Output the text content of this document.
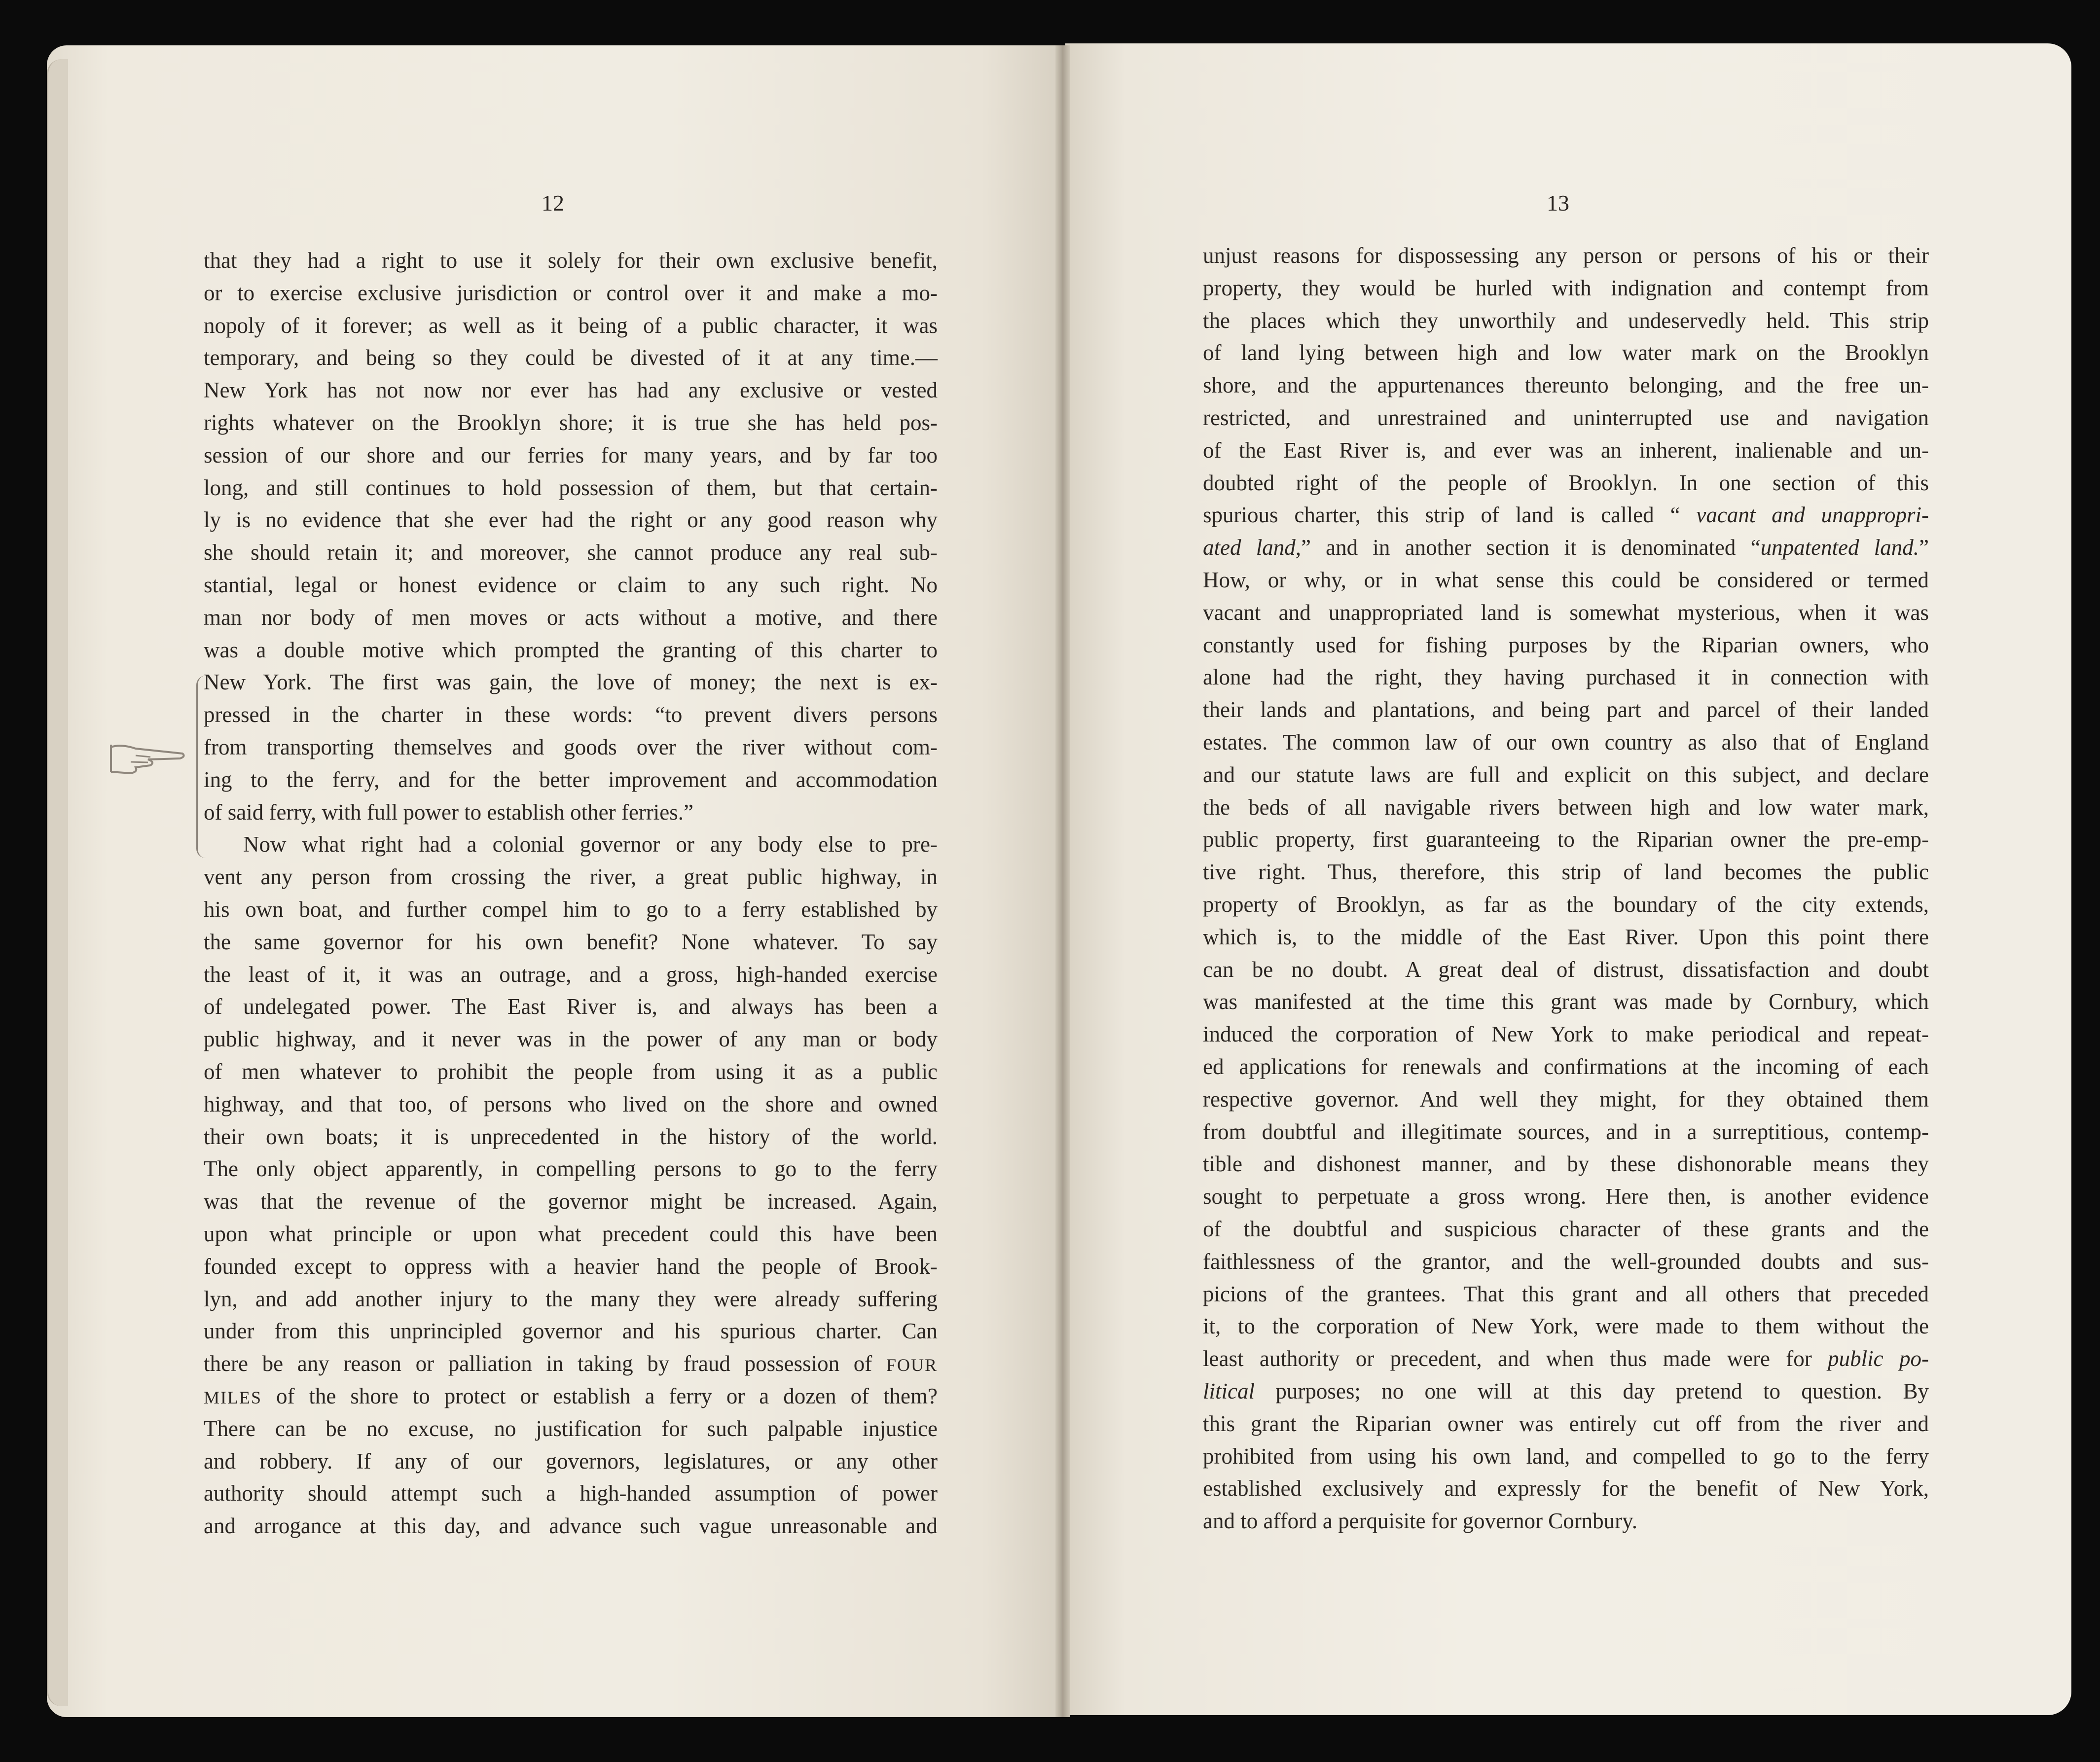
12	13
that they had a right to use it solely for their own exclusive benefit,
or to exercise exclusive jurisdiction or control over it and make a mo-
nopoly of it forever; as well as it being of a public character, it was
temporary, and being so they could be divested of it at any time.—
New York has not now nor ever has had any exclusive or vested
rights whatever on the Brooklyn shore; it is true she has held pos-
session of our shore and our ferries for many years, and by far too
long, and still continues to hold possession of them, but that certain-
ly is no evidence that she ever had the right or any good reason why
she should retain it; and moreover, she cannot produce any real sub-
stantial, legal or honest evidence or claim to any such right. No
man nor body of men moves or acts without a motive, and there
was a double motive which prompted the granting of this charter to
New York. The first was gain, the love of money; the next is ex-
pressed in the charter in these words: “to prevent divers persons
from transporting themselves and goods over the river without com-
ing to the ferry, and for the better improvement and accommodation
of said ferry, with full power to establish other ferries.”
Now what right had a colonial governor or any body else to pre-
vent any person from crossing the river, a great public highway, in
his own boat, and further compel him to go to a ferry established by
the same governor for his own benefit? None whatever. To say
the least of it, it was an outrage, and a gross, high-handed exercise
of undelegated power. The East River is, and always has been a
public highway, and it never was in the power of any man or body
of men whatever to prohibit the people from using it as a public
highway, and that too, of persons who lived on the shore and owned
their own boats; it is unprecedented in the history of the world.
The only object apparently, in compelling persons to go to the ferry
was that the revenue of the governor might be increased. Again,
upon what principle or upon what precedent could this have been
founded except to oppress with a heavier hand the people of Brook-
lyn, and add another injury to the many they were already suffering
under from this unprincipled governor and his spurious charter. Can
there be any reason or palliation in taking by fraud possession of FOUR
MILES of the shore to protect or establish a ferry or a dozen of them?
There can be no excuse, no justification for such palpable injustice
and robbery. If any of our governors, legislatures, or any other
authority should attempt such a high-handed assumption of power
and arrogance at this day, and advance such vague unreasonable and
unjust reasons for dispossessing any person or persons of his or their
property, they would be hurled with indignation and contempt from
the places which they unworthily and undeservedly held. This strip
of land lying between high and low water mark on the Brooklyn
shore, and the appurtenances thereunto belonging, and the free un-
restricted, and unrestrained and uninterrupted use and navigation
of the East River is, and ever was an inherent, inalienable and un-
doubted right of the people of Brooklyn. In one section of this
spurious charter, this strip of land is called “ vacant and unappropri-
ated land,” and in another section it is denominated “unpatented land.”
How, or why, or in what sense this could be considered or termed
vacant and unappropriated land is somewhat mysterious, when it was
constantly used for fishing purposes by the Riparian owners, who
alone had the right, they having purchased it in connection with
their lands and plantations, and being part and parcel of their landed
estates. The common law of our own country as also that of England
and our statute laws are full and explicit on this subject, and declare
the beds of all navigable rivers between high and low water mark,
public property, first guaranteeing to the Riparian owner the pre-emp-
tive right. Thus, therefore, this strip of land becomes the public
property of Brooklyn, as far as the boundary of the city extends,
which is, to the middle of the East River. Upon this point there
can be no doubt. A great deal of distrust, dissatisfaction and doubt
was manifested at the time this grant was made by Cornbury, which
induced the corporation of New York to make periodical and repeat-
ed applications for renewals and confirmations at the incoming of each
respective governor. And well they might, for they obtained them
from doubtful and illegitimate sources, and in a surreptitious, contemp-
tible and dishonest manner, and by these dishonorable means they
sought to perpetuate a gross wrong. Here then, is another evidence
of the doubtful and suspicious character of these grants and the
faithlessness of the grantor, and the well-grounded doubts and sus-
picions of the grantees. That this grant and all others that preceded
it, to the corporation of New York, were made to them without the
least authority or precedent, and when thus made were for public po-
litical purposes; no one will at this day pretend to question. By
this grant the Riparian owner was entirely cut off from the river and
prohibited from using his own land, and compelled to go to the ferry
established exclusively and expressly for the benefit of New York,
and to afford a perquisite for governor Cornbury.
